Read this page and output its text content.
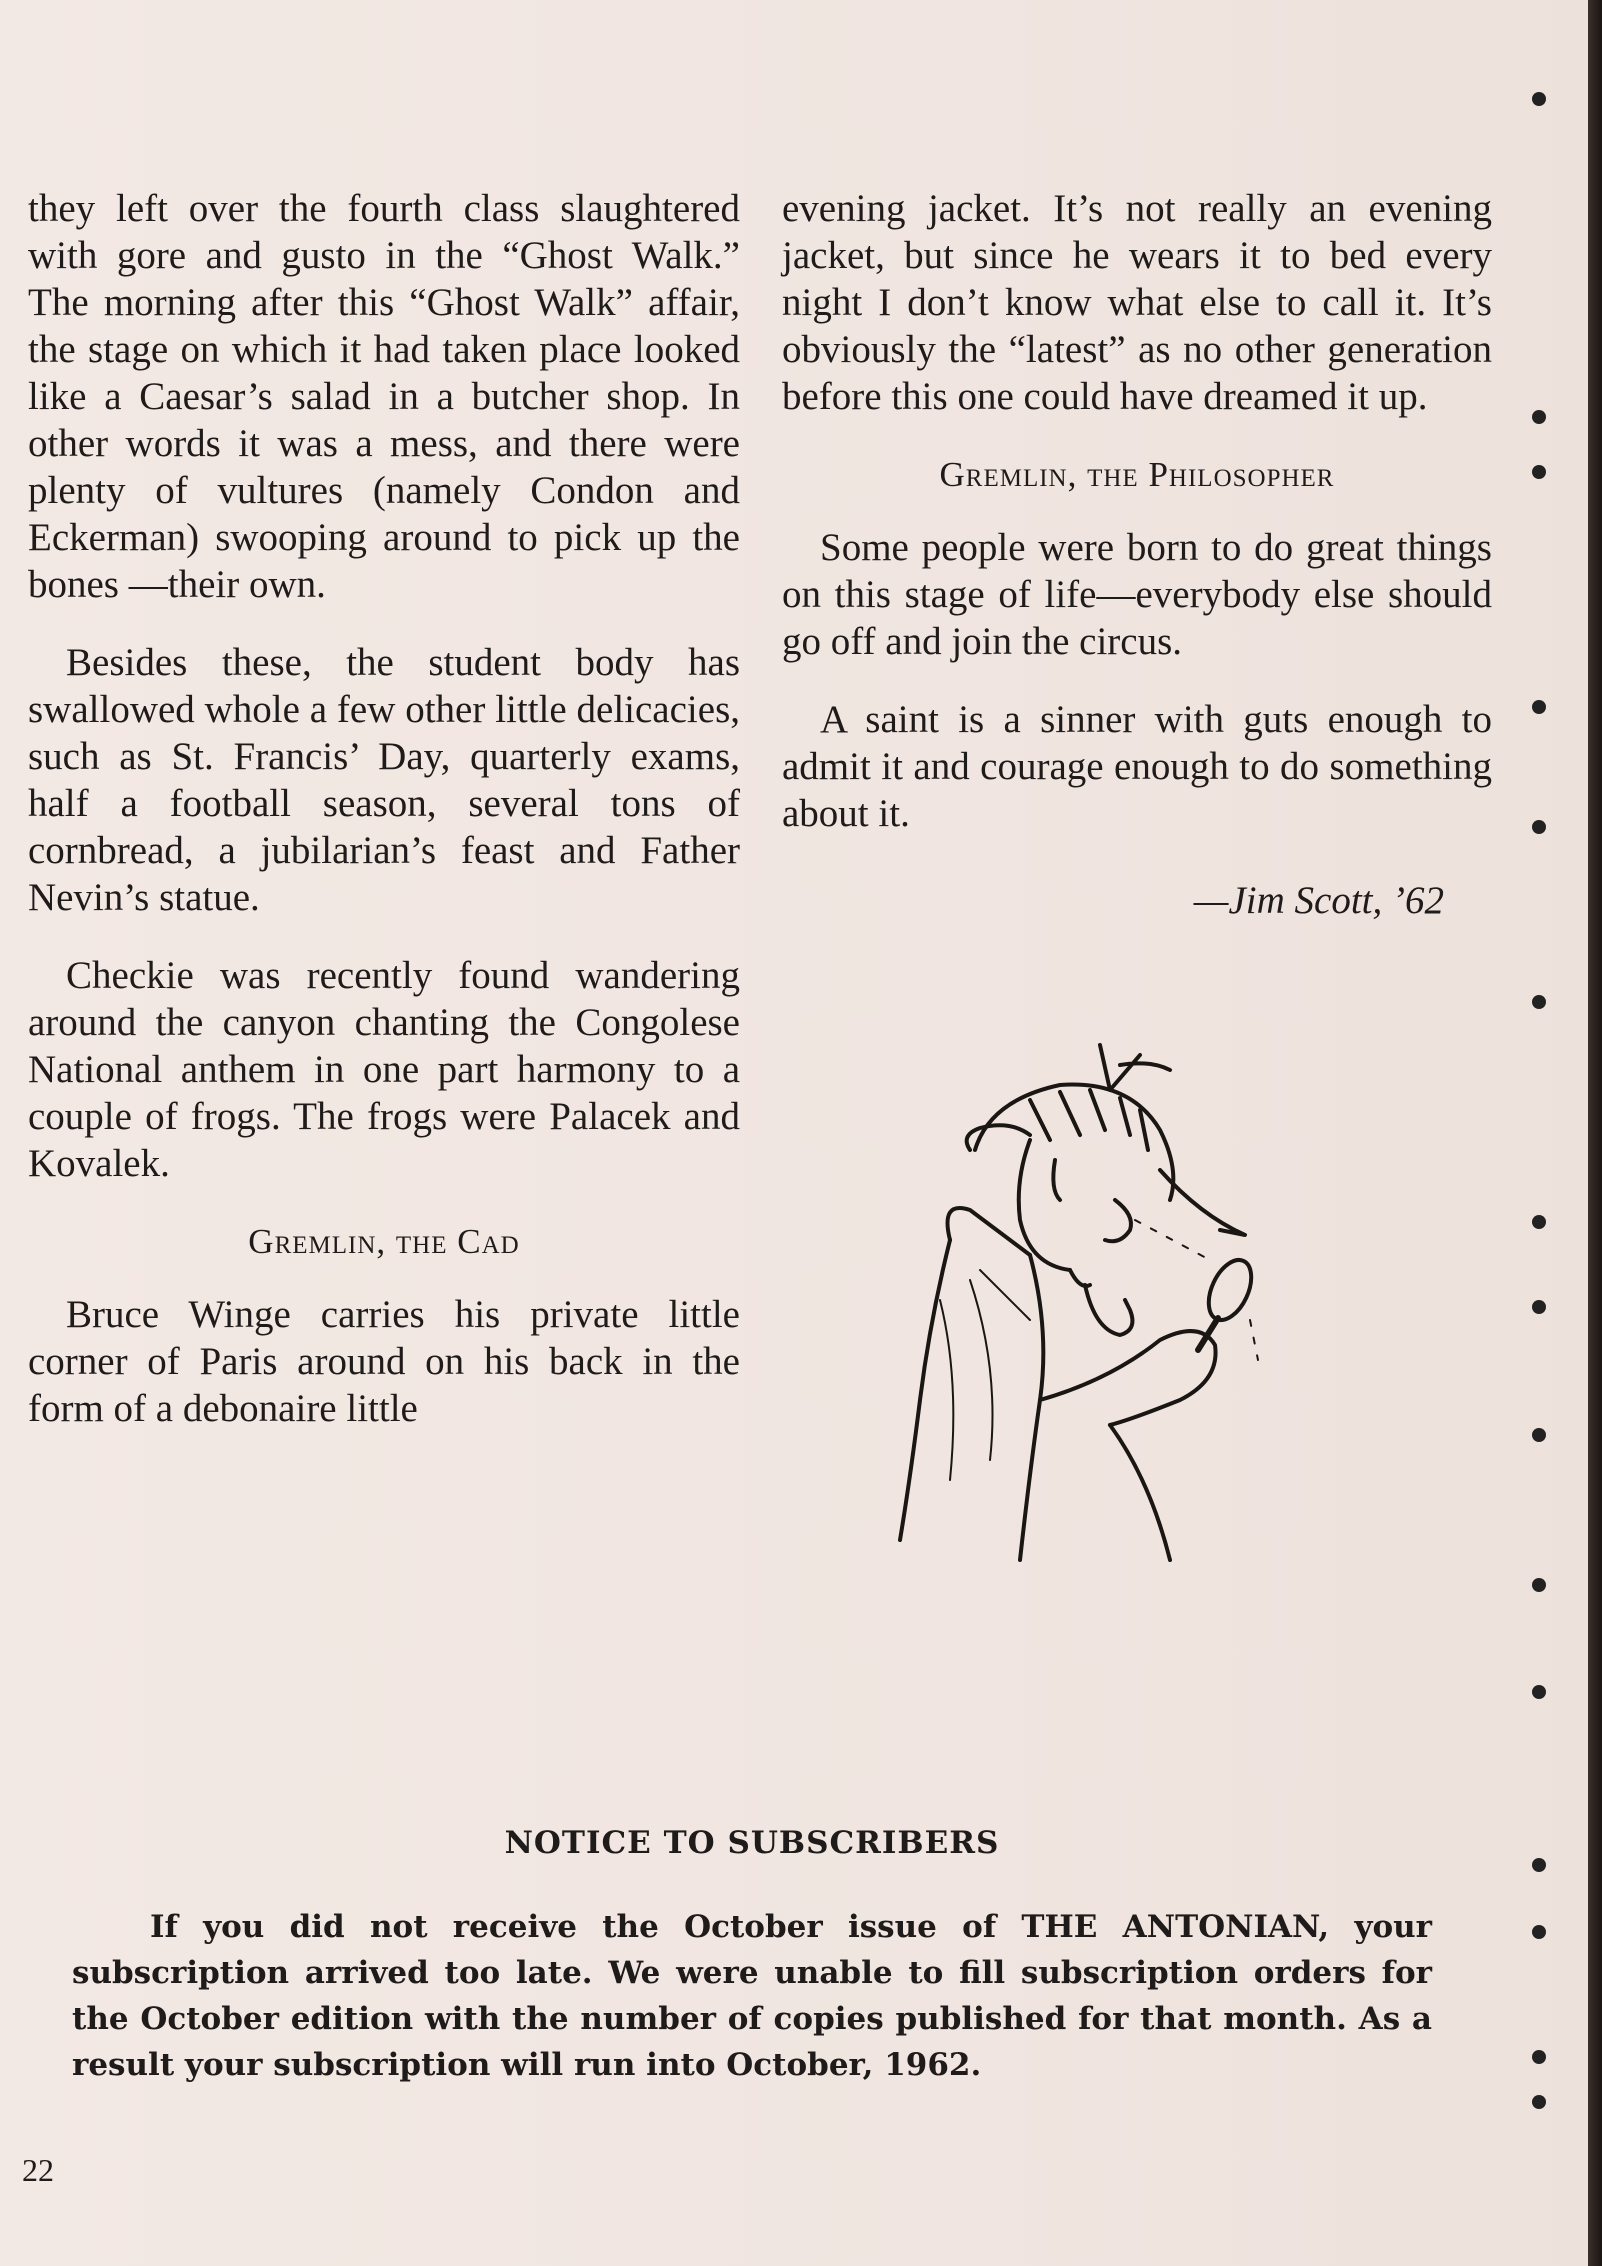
they left over the fourth class slaughtered with gore and gusto in the “Ghost Walk.” The morning after this “Ghost Walk” affair, the stage on which it had taken place looked like a Caesar’s salad in a butcher shop. In other words it was a mess, and there were plenty of vultures (namely Condon and Eckerman) swooping around to pick up the bones —their own.

Besides these, the student body has swallowed whole a few other little delicacies, such as St. Francis’ Day, quarterly exams, half a football season, several tons of cornbread, a jubilarian’s feast and Father Nevin’s statue.

Checkie was recently found wandering around the canyon chanting the Congolese National anthem in one part harmony to a couple of frogs. The frogs were Palacek and Kovalek.

Gremlin, the Cad

Bruce Winge carries his private little corner of Paris around on his back in the form of a debonaire little

evening jacket. It’s not really an evening jacket, but since he wears it to bed every night I don’t know what else to call it. It’s obviously the “latest” as no other generation before this one could have dreamed it up.

Gremlin, the Philosopher

Some people were born to do great things on this stage of life—everybody else should go off and join the circus.

A saint is a sinner with guts enough to admit it and courage enough to do something about it.

—Jim Scott, ’62
NOTICE TO SUBSCRIBERS
If you did not receive the October issue of THE ANTONIAN, your subscription arrived too late. We were unable to fill subscription orders for the October edition with the number of copies published for that month. As a result your subscription will run into October, 1962.
22
